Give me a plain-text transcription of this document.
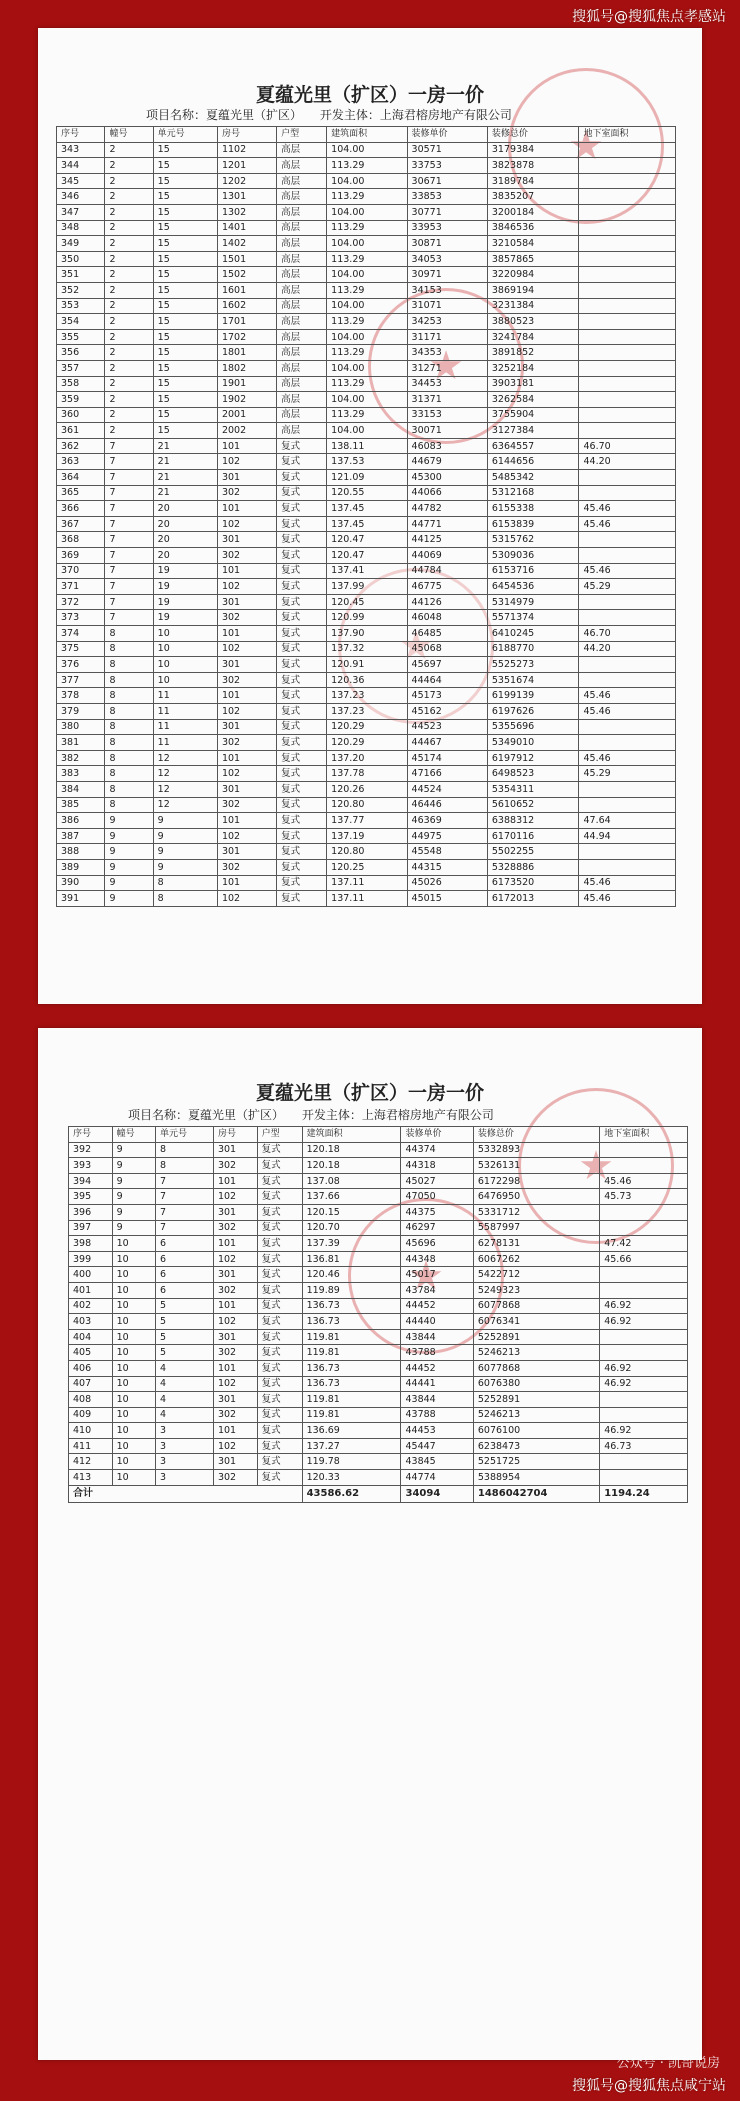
搜狐号@搜狐焦点孝感站
夏蕴光里（扩区）一房一价
项目名称：夏蕴光里（扩区） 开发主体：上海君榕房地产有限公司
★
★
★
序号	幢号	单元号	房号	户型	建筑面积	装修单价	装修总价	地下室面积
343	2	15	1102	高层	104.00	30571	3179384	
344	2	15	1201	高层	113.29	33753	3823878	
345	2	15	1202	高层	104.00	30671	3189784	
346	2	15	1301	高层	113.29	33853	3835207	
347	2	15	1302	高层	104.00	30771	3200184	
348	2	15	1401	高层	113.29	33953	3846536	
349	2	15	1402	高层	104.00	30871	3210584	
350	2	15	1501	高层	113.29	34053	3857865	
351	2	15	1502	高层	104.00	30971	3220984	
352	2	15	1601	高层	113.29	34153	3869194	
353	2	15	1602	高层	104.00	31071	3231384	
354	2	15	1701	高层	113.29	34253	3880523	
355	2	15	1702	高层	104.00	31171	3241784	
356	2	15	1801	高层	113.29	34353	3891852	
357	2	15	1802	高层	104.00	31271	3252184	
358	2	15	1901	高层	113.29	34453	3903181	
359	2	15	1902	高层	104.00	31371	3262584	
360	2	15	2001	高层	113.29	33153	3755904	
361	2	15	2002	高层	104.00	30071	3127384	
362	7	21	101	复式	138.11	46083	6364557	46.70
363	7	21	102	复式	137.53	44679	6144656	44.20
364	7	21	301	复式	121.09	45300	5485342	
365	7	21	302	复式	120.55	44066	5312168	
366	7	20	101	复式	137.45	44782	6155338	45.46
367	7	20	102	复式	137.45	44771	6153839	45.46
368	7	20	301	复式	120.47	44125	5315762	
369	7	20	302	复式	120.47	44069	5309036	
370	7	19	101	复式	137.41	44784	6153716	45.46
371	7	19	102	复式	137.99	46775	6454536	45.29
372	7	19	301	复式	120.45	44126	5314979	
373	7	19	302	复式	120.99	46048	5571374	
374	8	10	101	复式	137.90	46485	6410245	46.70
375	8	10	102	复式	137.32	45068	6188770	44.20
376	8	10	301	复式	120.91	45697	5525273	
377	8	10	302	复式	120.36	44464	5351674	
378	8	11	101	复式	137.23	45173	6199139	45.46
379	8	11	102	复式	137.23	45162	6197626	45.46
380	8	11	301	复式	120.29	44523	5355696	
381	8	11	302	复式	120.29	44467	5349010	
382	8	12	101	复式	137.20	45174	6197912	45.46
383	8	12	102	复式	137.78	47166	6498523	45.29
384	8	12	301	复式	120.26	44524	5354311	
385	8	12	302	复式	120.80	46446	5610652	
386	9	9	101	复式	137.77	46369	6388312	47.64
387	9	9	102	复式	137.19	44975	6170116	44.94
388	9	9	301	复式	120.80	45548	5502255	
389	9	9	302	复式	120.25	44315	5328886	
390	9	8	101	复式	137.11	45026	6173520	45.46
391	9	8	102	复式	137.11	45015	6172013	45.46
夏蕴光里（扩区）一房一价
项目名称：夏蕴光里（扩区） 开发主体：上海君榕房地产有限公司
★
★
序号	幢号	单元号	房号	户型	建筑面积	装修单价	装修总价	地下室面积
392	9	8	301	复式	120.18	44374	5332893	
393	9	8	302	复式	120.18	44318	5326131	
394	9	7	101	复式	137.08	45027	6172298	45.46
395	9	7	102	复式	137.66	47050	6476950	45.73
396	9	7	301	复式	120.15	44375	5331712	
397	9	7	302	复式	120.70	46297	5587997	
398	10	6	101	复式	137.39	45696	6278131	47.42
399	10	6	102	复式	136.81	44348	6067262	45.66
400	10	6	301	复式	120.46	45017	5422712	
401	10	6	302	复式	119.89	43784	5249323	
402	10	5	101	复式	136.73	44452	6077868	46.92
403	10	5	102	复式	136.73	44440	6076341	46.92
404	10	5	301	复式	119.81	43844	5252891	
405	10	5	302	复式	119.81	43788	5246213	
406	10	4	101	复式	136.73	44452	6077868	46.92
407	10	4	102	复式	136.73	44441	6076380	46.92
408	10	4	301	复式	119.81	43844	5252891	
409	10	4	302	复式	119.81	43788	5246213	
410	10	3	101	复式	136.69	44453	6076100	46.92
411	10	3	102	复式	137.27	45447	6238473	46.73
412	10	3	301	复式	119.78	43845	5251725	
413	10	3	302	复式	120.33	44774	5388954	
合计					43586.62	34094	1486042704	1194.24
公众号 · 凯哥说房
搜狐号@搜狐焦点咸宁站
